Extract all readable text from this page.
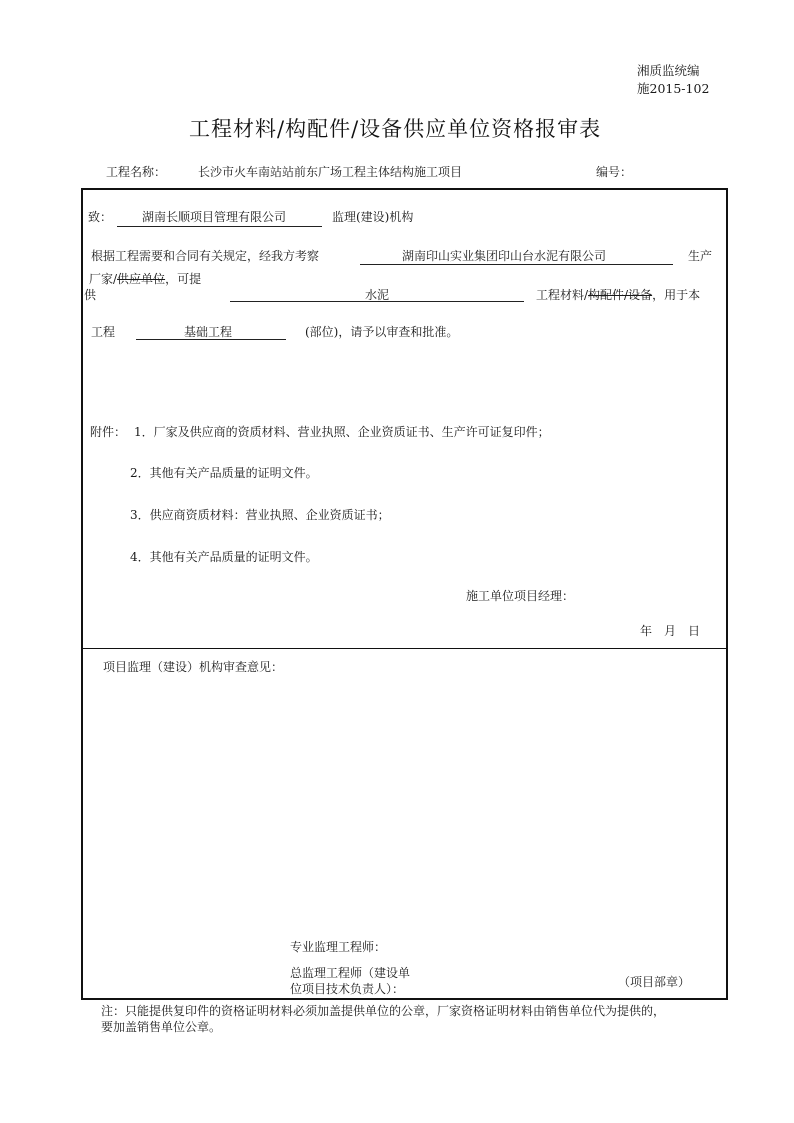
湘质监统编
施2015-102
工程材料/构配件/设备供应单位资格报审表
工程名称：	长沙市火车南站站前东广场工程主体结构施工项目	编号：
致： 湖南长顺项目管理有限公司	监理(建设)机构
根据工程需要和合同有关规定，经我方考察	湖南印山实业集团印山台水泥有限公司	生产
厂家/供应单位，可提
供	水泥	工程材料/构配件/设备，用于本
工程	基础工程	(部位)，请予以审查和批准。
附件： 1．厂家及供应商的资质材料、营业执照、企业资质证书、生产许可证复印件；
2．其他有关产品质量的证明文件。
3．供应商资质材料：营业执照、企业资质证书；
4．其他有关产品质量的证明文件。
施工单位项目经理：
年　月　日
项目监理（建设）机构审查意见：
专业监理工程师：
总监理工程师（建设单
位项目技术负责人）：	（项目部章）
注：只能提供复印件的资格证明材料必须加盖提供单位的公章，厂家资格证明材料由销售单位代为提供的，
要加盖销售单位公章。
